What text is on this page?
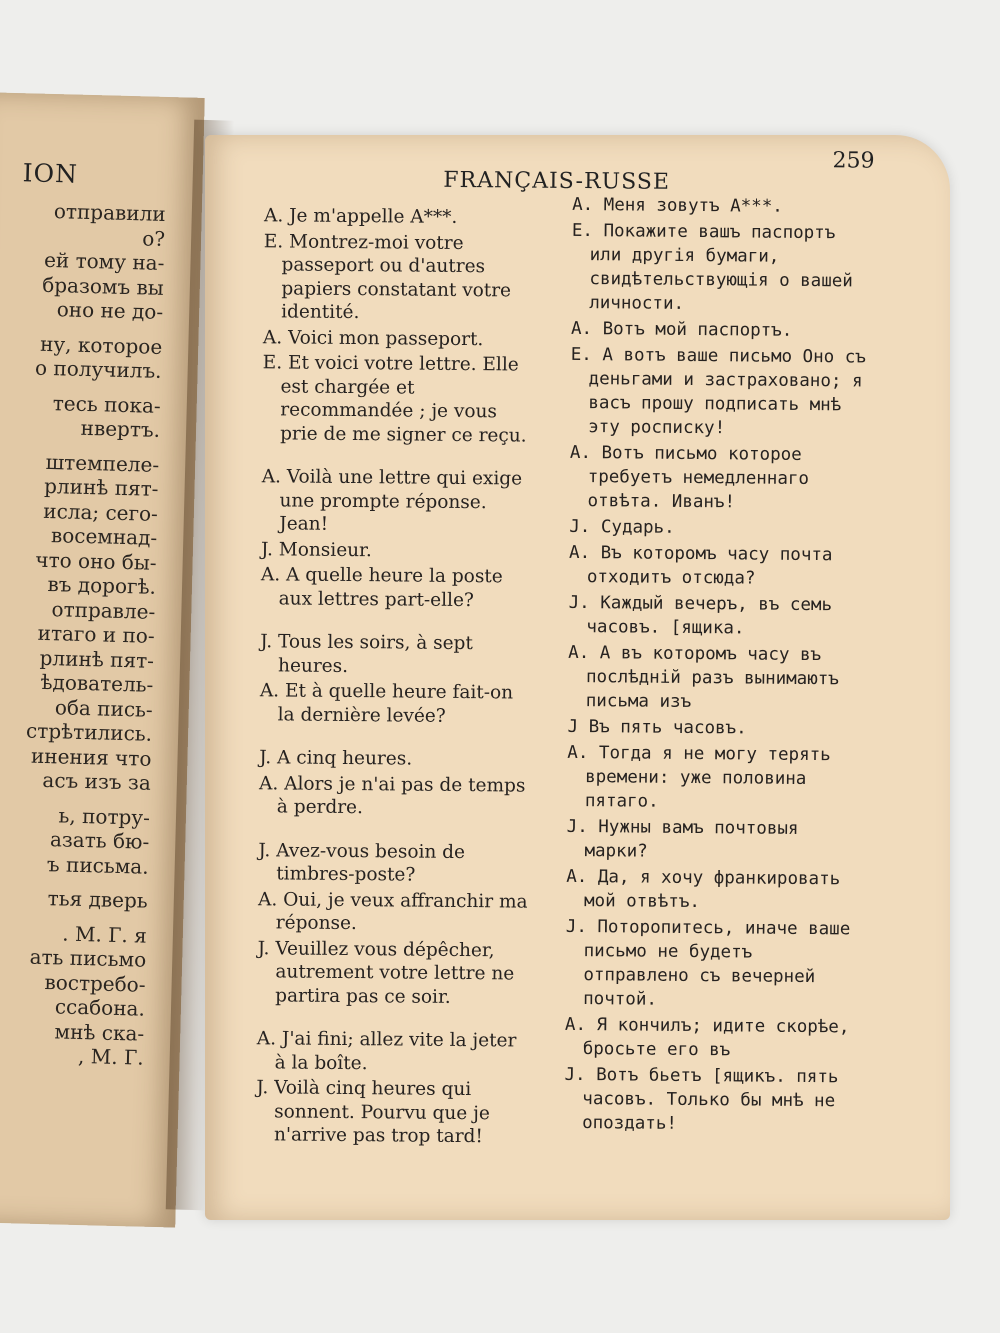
ION
отправили
о?
ей тому на-
бразомъ вы
оно не до-

ну, которое
о получилъ.

тесь пока-
нвертъ.

штемпеле-
рлинѣ пят-
исла; сего-
восемнад-
что оно бы-
въ дорогѣ.
отправле-
итаго и по-
рлинѣ пят-
ѣдователь-
оба пись-
стрѣтились.
инения что
асъ изъ за

ь, потру-
азать бю-
ъ письма.

тья дверь

. М. Г. я
ать письмо
востребо-
ссабона.
мнѣ ска-
, М. Г.
FRANÇAIS-RUSSE
259
A. Je m'appelle A***.
E. Montrez-moi votre passeport ou d'autres papiers constatant votre identité.
A. Voici mon passeport.
E. Et voici votre lettre. Elle est chargée et recommandée ; je vous prie de me signer ce reçu.
A. Voilà une lettre qui exige une prompte réponse. Jean!
J. Monsieur.
A. A quelle heure la poste aux lettres part-elle?
J. Tous les soirs, à sept heures.
A. Et à quelle heure fait-on la dernière levée?
J. A cinq heures.
A. Alors je n'ai pas de temps à perdre.
J. Avez-vous besoin de timbres-poste?
A. Oui, je veux affranchir ma réponse.
J. Veuillez vous dépêcher, autrement votre lettre ne partira pas ce soir.
A. J'ai fini; allez vite la jeter à la boîte.
J. Voilà cinq heures qui sonnent. Pourvu que je n'arrive pas trop tard!
A. Меня зовутъ A***.
E. Покажите вашъ паспортъ или другія бумаги, свидѣтельствующія о вашей личности.
A. Вотъ мой паспортъ.
E. А вотъ ваше письмо Оно съ деньгами и застраховано; я васъ прошу подписать мнѣ эту росписку!
A. Вотъ письмо которое требуетъ немедленнаго отвѣта. Иванъ!
J. Сударь.
A. Въ которомъ часу почта отходитъ отсюда?
J. Каждый вечеръ, въ семь часовъ. [ящика.
A. А въ которомъ часу въ послѣдній разъ вынимаютъ письма изъ
J Въ пять часовъ.
A. Тогда я не могу терять времени: уже половина пятаго.
J. Нужны вамъ почтовыя марки?
A. Да, я хочу франкировать мой отвѣтъ.
J. Поторопитесь, иначе ваше письмо не будетъ отправлено съ вечерней почтой.
A. Я кончилъ; идите скорѣе, бросьте его въ
J. Вотъ бьетъ [ящикъ. пять часовъ. Только бы мнѣ не опоздать!
